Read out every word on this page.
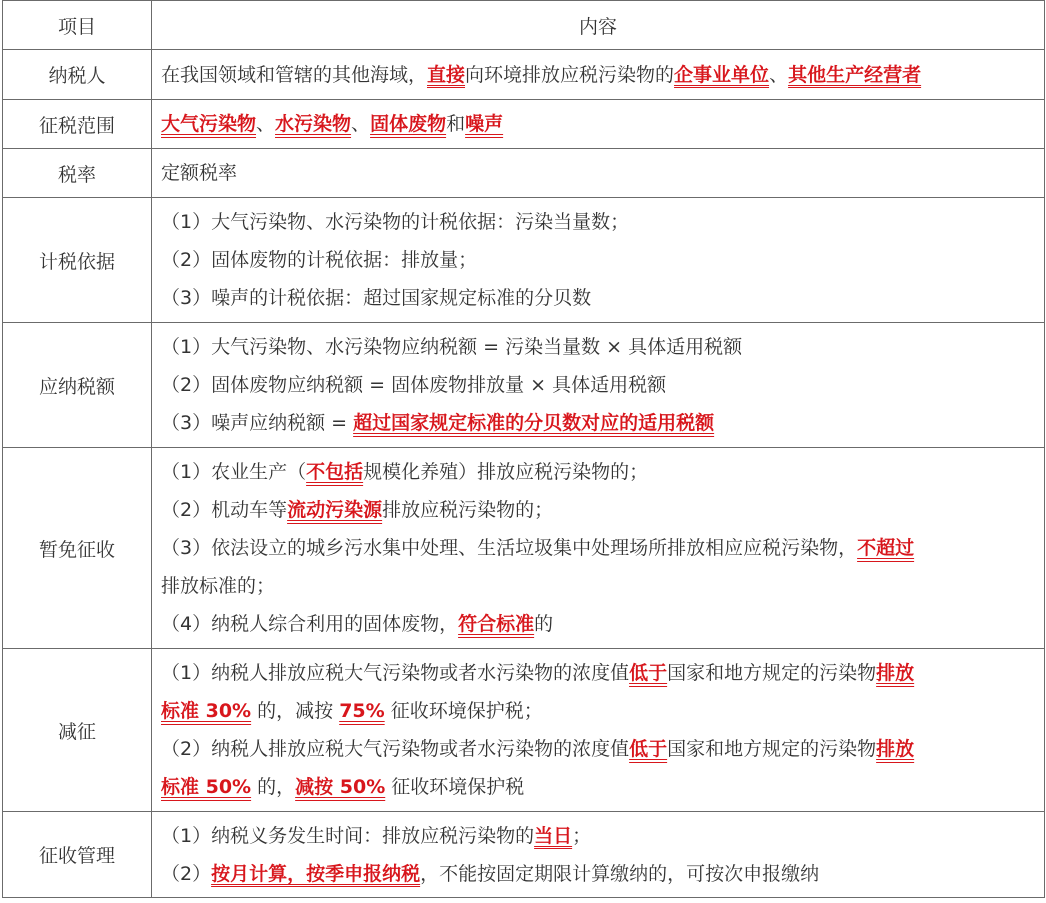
项目	内容
纳税人	在我国领域和管辖的其他海域，直接向环境排放应税污染物的企事业单位、其他生产经营者

征税范围	大气污染物、水污染物、固体废物和噪声

税率	定额税率

计税依据	（1）大气污染物、水污染物的计税依据：污染当量数；

（2）固体废物的计税依据：排放量；

（3）噪声的计税依据：超过国家规定标准的分贝数

应纳税额	（1）大气污染物、水污染物应纳税额 = 污染当量数 × 具体适用税额

（2）固体废物应纳税额 = 固体废物排放量 × 具体适用税额

（3）噪声应纳税额 = 超过国家规定标准的分贝数对应的适用税额

暂免征收	（1）农业生产（不包括规模化养殖）排放应税污染物的；

（2）机动车等流动污染源排放应税污染物的；

（3）依法设立的城乡污水集中处理、生活垃圾集中处理场所排放相应应税污染物，不超过

排放标准的；

（4）纳税人综合利用的固体废物，符合标准的

减征	（1）纳税人排放应税大气污染物或者水污染物的浓度值低于国家和地方规定的污染物排放

标准 30% 的，减按 75% 征收环境保护税；

（2）纳税人排放应税大气污染物或者水污染物的浓度值低于国家和地方规定的污染物排放

标准 50% 的，减按 50% 征收环境保护税

征收管理	（1）纳税义务发生时间：排放应税污染物的当日；

（2）按月计算，按季申报纳税，不能按固定期限计算缴纳的，可按次申报缴纳
